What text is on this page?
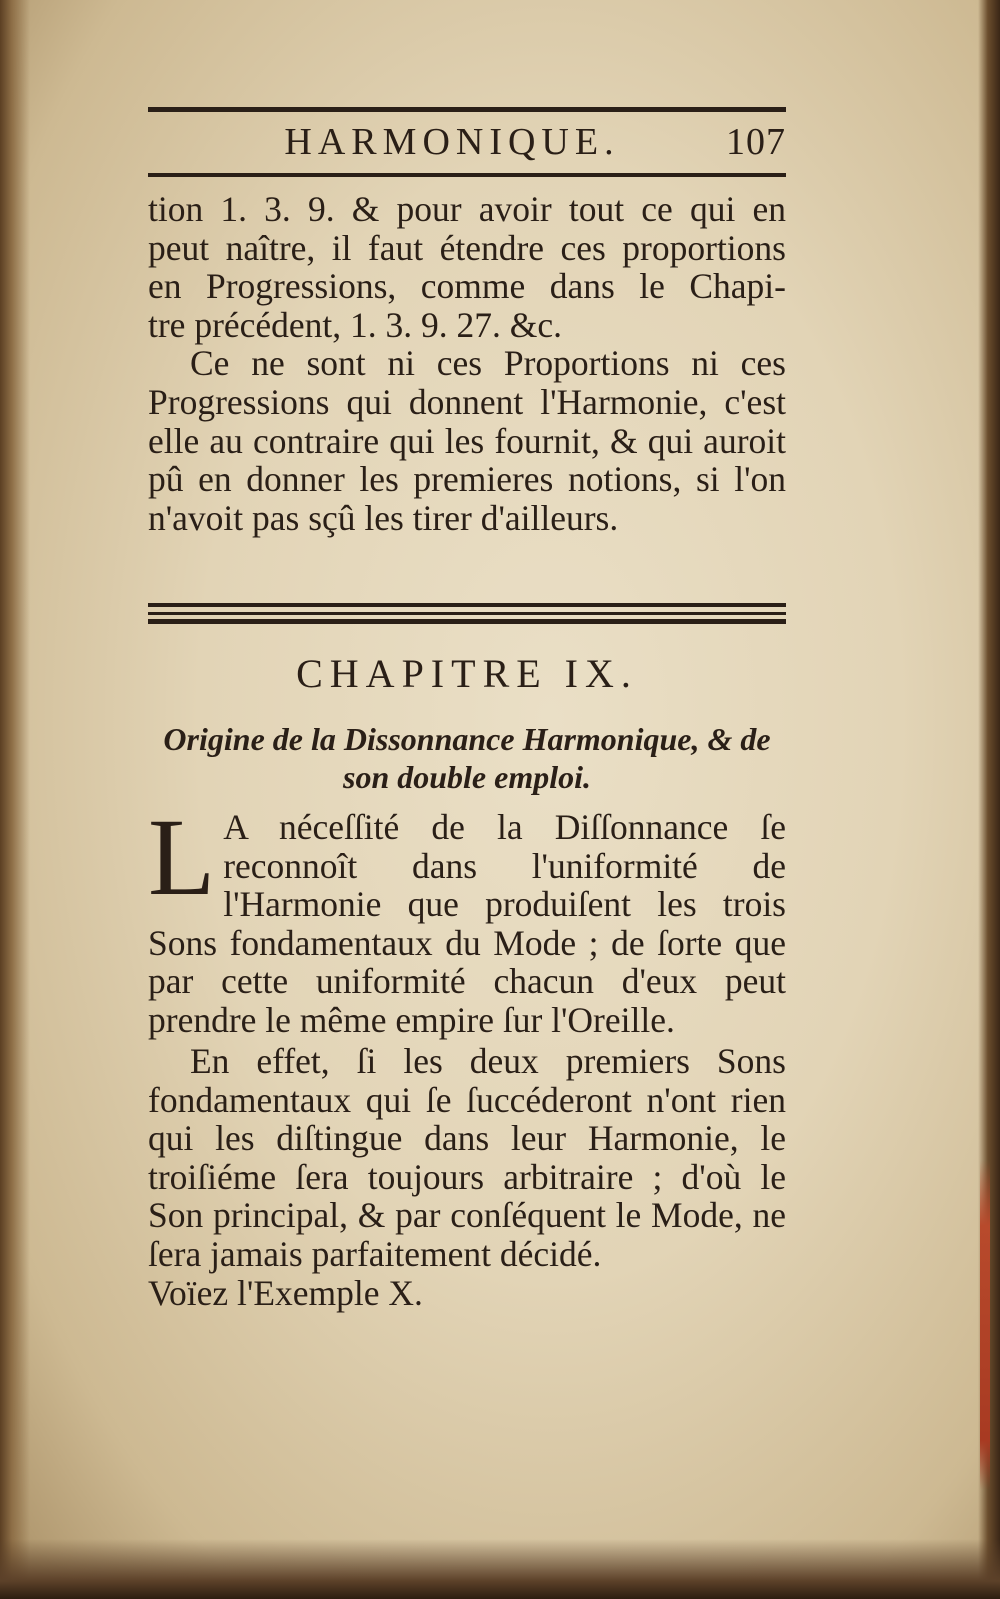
HARMONIQUE.	107

tion 1. 3. 9. & pour avoir tout ce qui en

peut naître, il faut étendre ces proportions

en Progressions, comme dans le Chapi-

tre précédent, 1. 3. 9. 27. &c.

Ce ne sont ni ces Proportions ni ces Progressions qui donnent l'Harmonie, c'est elle au contraire qui les fournit, & qui auroit pû en donner les premieres notions, si l'on n'avoit pas sçû les tirer d'ailleurs.

CHAPITRE IX.
Origine de la Dissonnance Harmonique, & de
son double emploi.
L A néceſſité de la Diſſonnance ſe reconnoît dans l'uniformité de l'Harmonie que produiſent les trois Sons fondamentaux du Mode ; de ſorte que par cette uniformité chacun d'eux peut prendre le même empire ſur l'Oreille.

En effet, ſi les deux premiers Sons fondamentaux qui ſe ſuccéderont n'ont rien qui les diſtingue dans leur Harmonie, le troiſiéme ſera toujours arbitraire ; d'où le Son principal, & par conſéquent le Mode, ne ſera jamais parfaitement décidé.

Voïez l'Exemple X.
